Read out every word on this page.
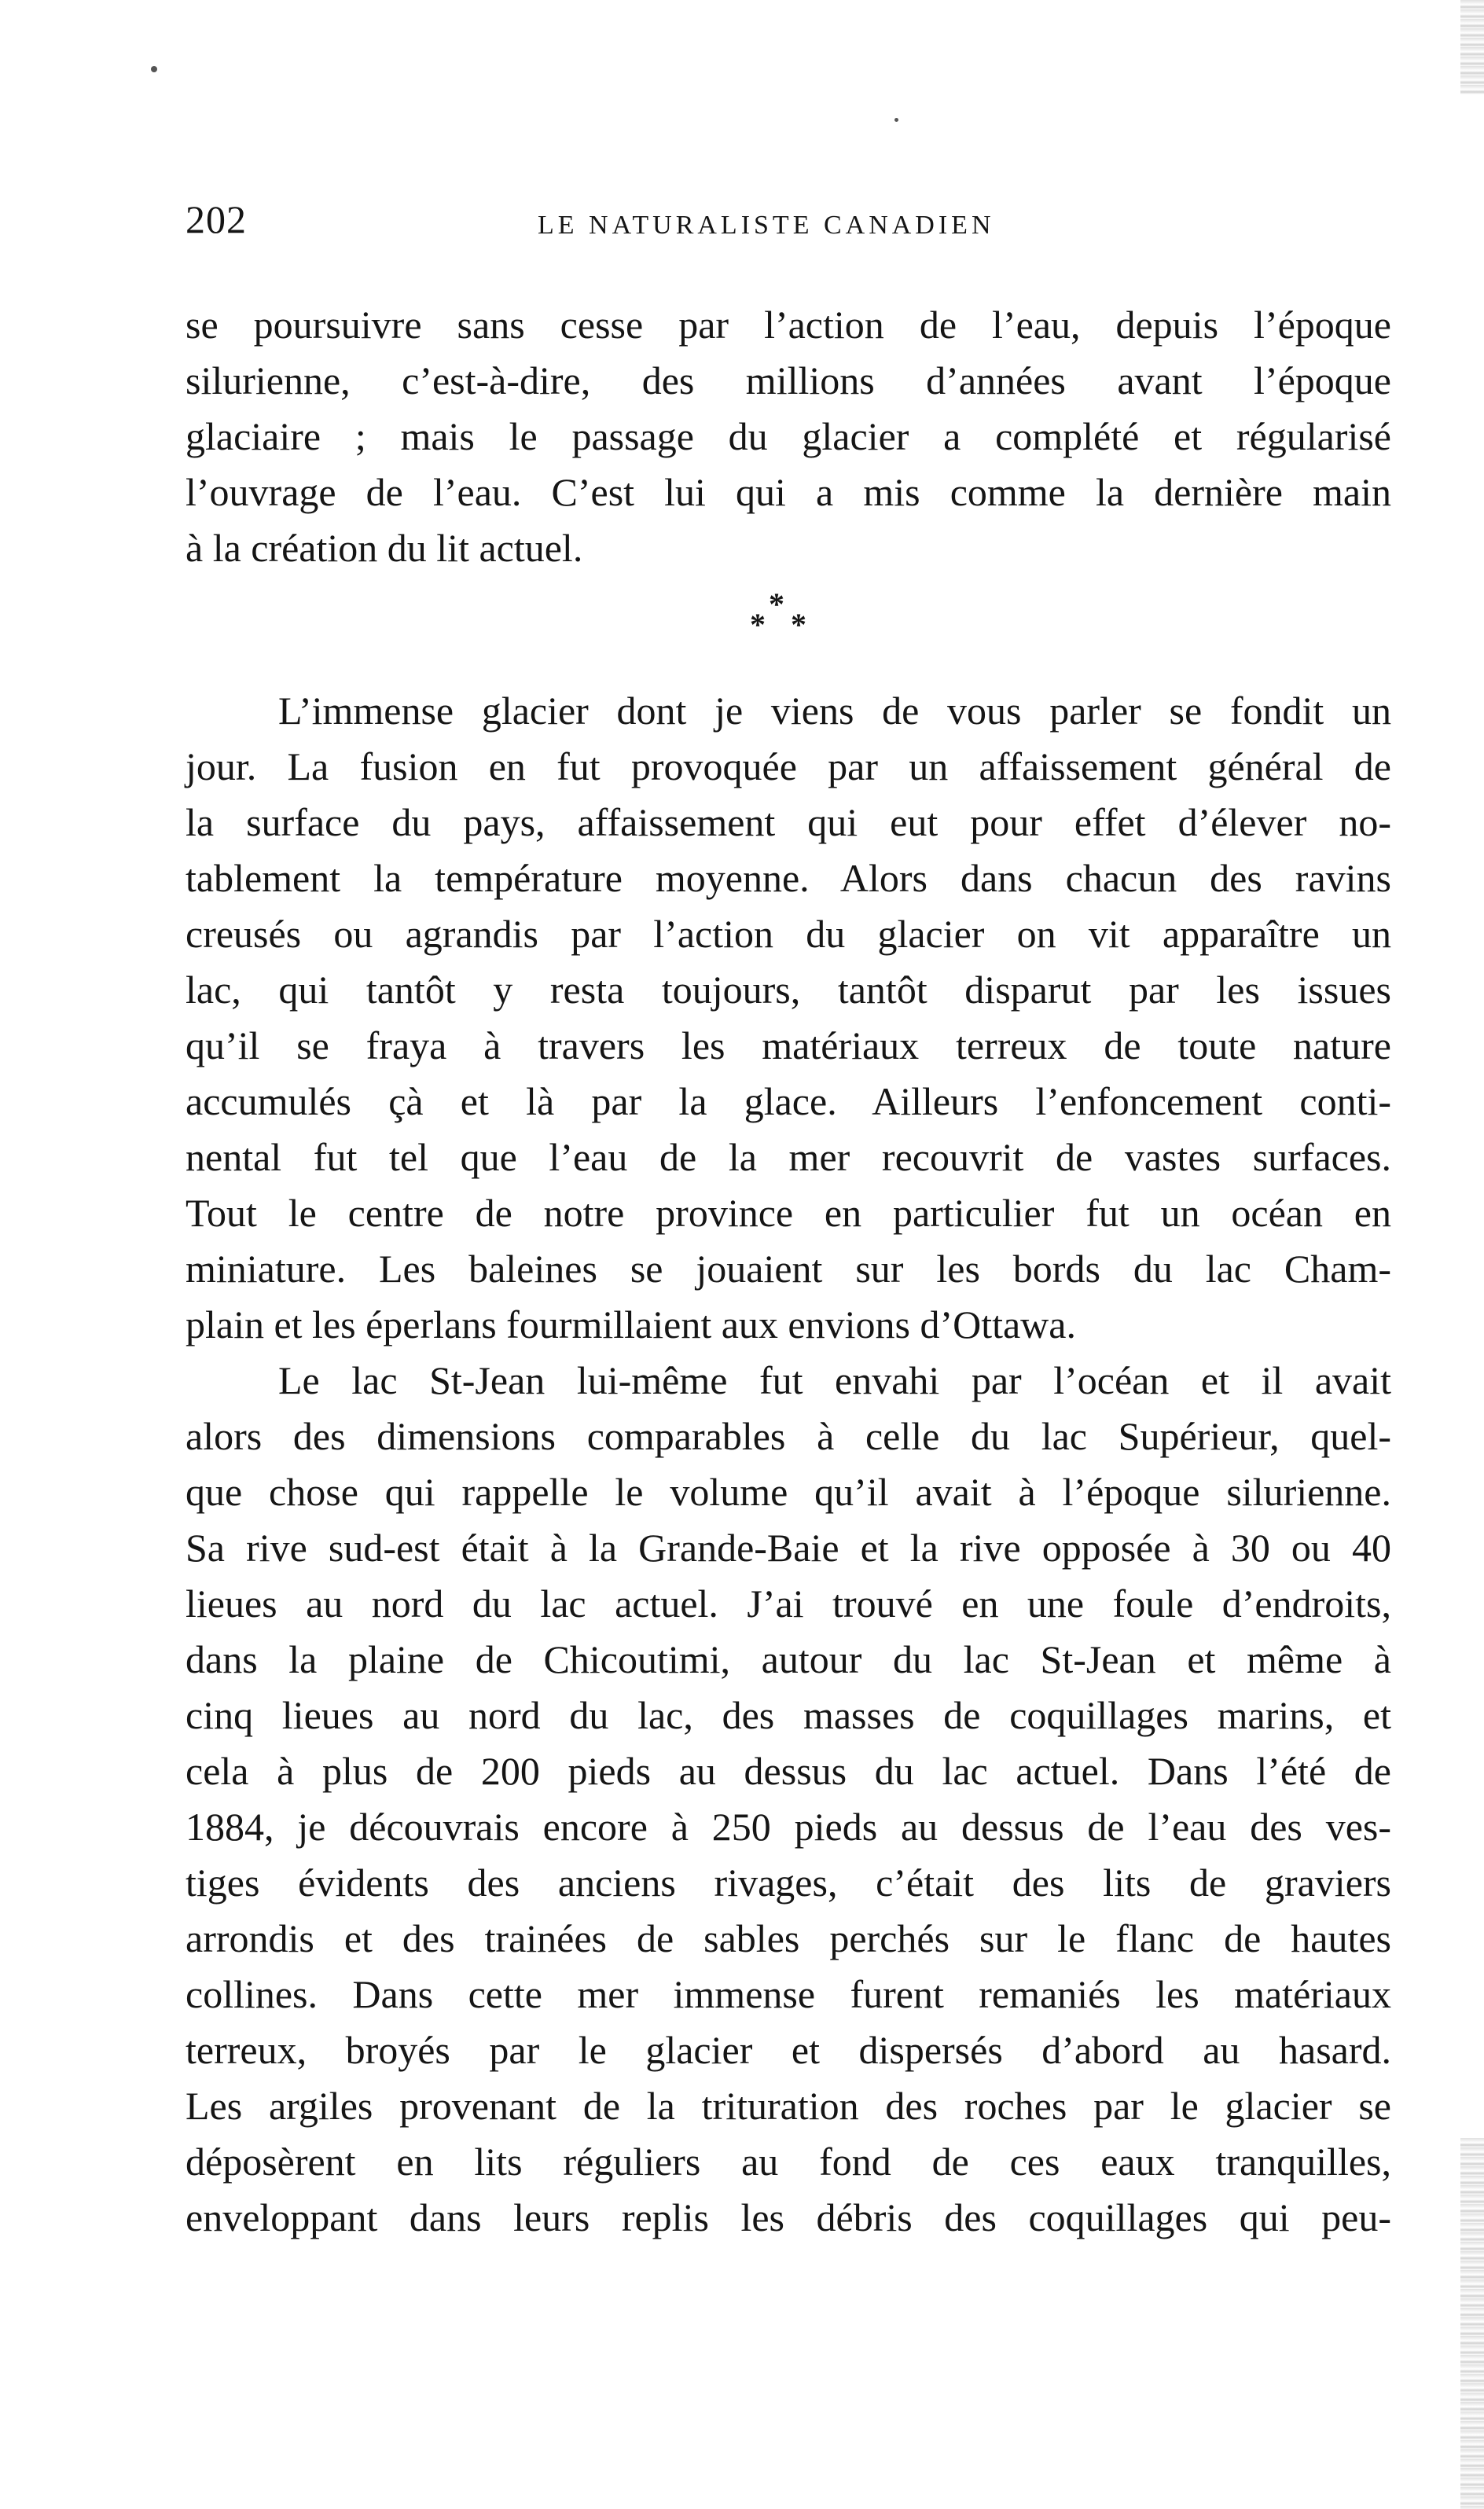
202	LE NATURALISTE CANADIEN
se poursuivre sans cesse par l’action de l’eau, depuis l’époque
silurienne, c’est-à-dire, des millions d’années avant l’époque
glaciaire ; mais le passage du glacier a complété et régularisé
l’ouvrage de l’eau. C’est lui qui a mis comme la dernière main
à la création du lit actuel.
*
* *
L’immense glacier dont je viens de vous parler se fondit un
jour. La fusion en fut provoquée par un affaissement général de
la surface du pays, affaissement qui eut pour effet d’élever no-
tablement la température moyenne. Alors dans chacun des ravins
creusés ou agrandis par l’action du glacier on vit apparaître un
lac, qui tantôt y resta toujours, tantôt disparut par les issues
qu’il se fraya à travers les matériaux terreux de toute nature
accumulés çà et là par la glace. Ailleurs l’enfoncement conti-
nental fut tel que l’eau de la mer recouvrit de vastes surfaces.
Tout le centre de notre province en particulier fut un océan en
miniature. Les baleines se jouaient sur les bords du lac Cham-
plain et les éperlans fourmillaient aux envions d’Ottawa.
Le lac St-Jean lui-même fut envahi par l’océan et il avait
alors des dimensions comparables à celle du lac Supérieur, quel-
que chose qui rappelle le volume qu’il avait à l’époque silurienne.
Sa rive sud-est était à la Grande-Baie et la rive opposée à 30 ou 40
lieues au nord du lac actuel. J’ai trouvé en une foule d’endroits,
dans la plaine de Chicoutimi, autour du lac St-Jean et même à
cinq lieues au nord du lac, des masses de coquillages marins, et
cela à plus de 200 pieds au dessus du lac actuel. Dans l’été de
1884, je découvrais encore à 250 pieds au dessus de l’eau des ves-
tiges évidents des anciens rivages, c’était des lits de graviers
arrondis et des trainées de sables perchés sur le flanc de hautes
collines. Dans cette mer immense furent remaniés les matériaux
terreux, broyés par le glacier et dispersés d’abord au hasard.
Les argiles provenant de la trituration des roches par le glacier se
déposèrent en lits réguliers au fond de ces eaux tranquilles,
enveloppant dans leurs replis les débris des coquillages qui peu-
